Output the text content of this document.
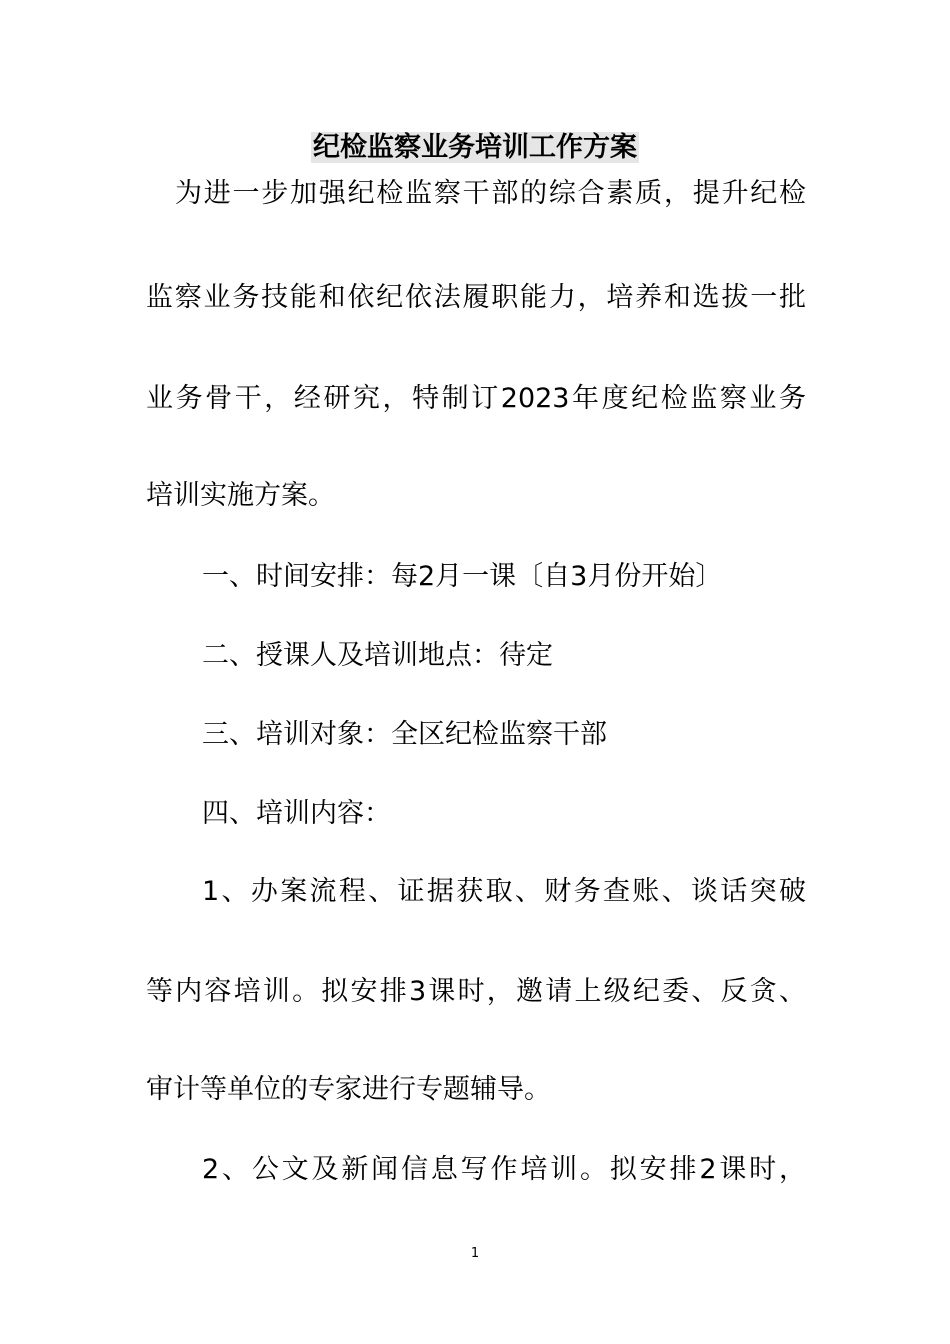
纪检监察业务培训工作方案
为进一步加强纪检监察干部的综合素质，提升纪检
监察业务技能和依纪依法履职能力，培养和选拔一批
业务骨干，经研究，特制订2023年度纪检监察业务
培训实施方案。
一、时间安排：每2月一课〔自3月份开始〕
二、授课人及培训地点：待定
三、培训对象：全区纪检监察干部
四、培训内容：
1、办案流程、证据获取、财务查账、谈话突破
等内容培训。拟安排3课时，邀请上级纪委、反贪、
审计等单位的专家进行专题辅导。
2、公文及新闻信息写作培训。拟安排2课时，
1
